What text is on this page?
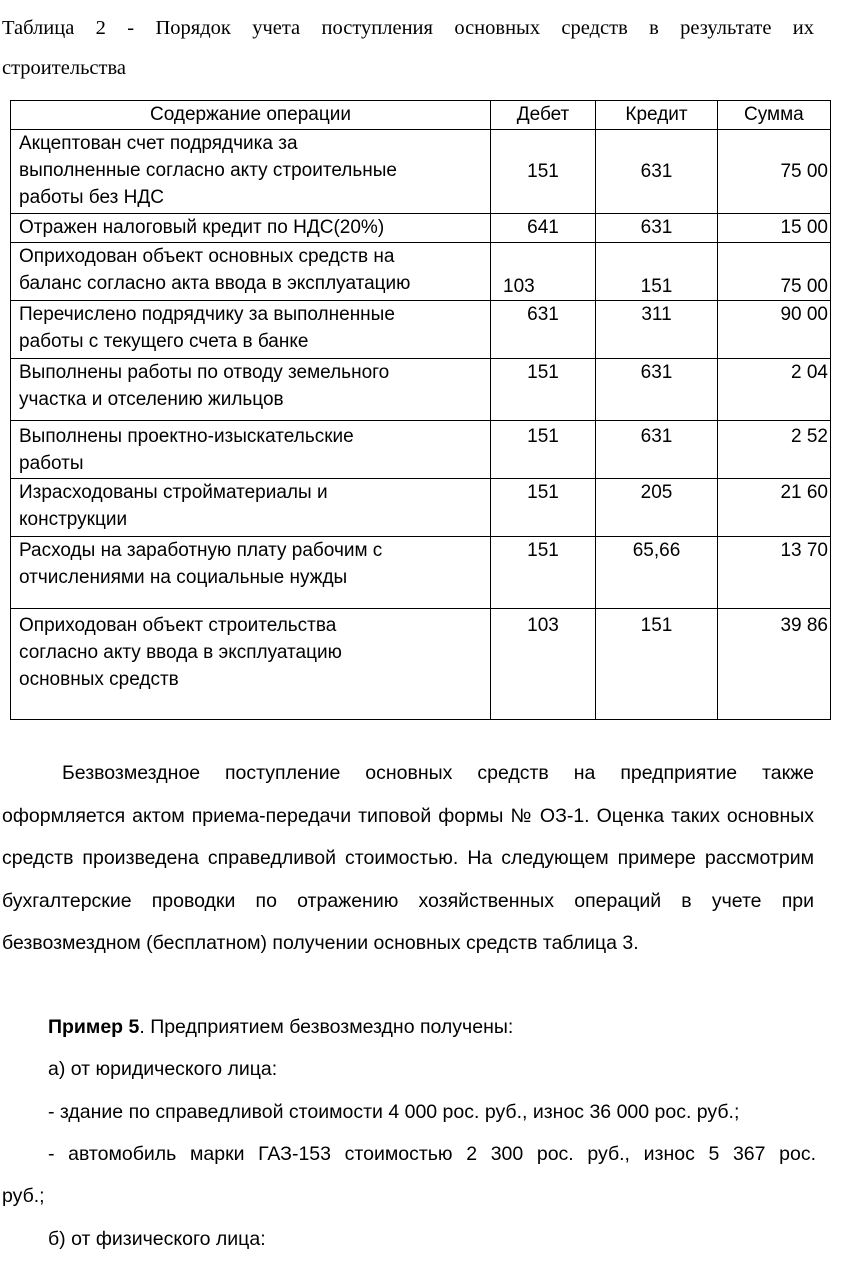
Таблица 2 - Порядок учета поступления основных средств в результате их
строительства
Содержание операции	Дебет	Кредит	Сумма

Акцептован счет подрядчика за
выполненные согласно акту строительные
работы без НДС	151	631	75 00

Отражен налоговый кредит по НДС(20%)	641	631	15 00

Оприходован объект основных средств на
баланс согласно акта ввода в эксплуатацию	103	151	75 00

Перечислено подрядчику за выполненные
работы с текущего счета в банке	631	311	90 00

Выполнены работы по отводу земельного
участка и отселению жильцов	151	631	2 04

Выполнены проектно-изыскательские
работы	151	631	2 52

Израсходованы стройматериалы и
конструкции	151	205	21 60

Расходы на заработную плату рабочим с
отчислениями на социальные нужды	151	65,66	13 70

Оприходован объект строительства
согласно акту ввода в эксплуатацию
основных средств	103	151	39 86
Безвозмездное поступление основных средств на предприятие также оформляется актом приема-передачи типовой формы № ОЗ-1. Оценка таких основных средств произведена справедливой стоимостью. На следующем примере рассмотрим бухгалтерские проводки по отражению хозяйственных операций в учете при безвозмездном (бесплатном) получении основных средств таблица 3.
Пример 5. Предприятием безвозмездно получены:
а) от юридического лица:
- здание по справедливой стоимости 4 000 рос. руб., износ 36 000 рос. руб.;
- автомобиль марки ГАЗ-153 стоимостью 2 300 рос. руб., износ 5 367 рос.
руб.;
б) от физического лица:
